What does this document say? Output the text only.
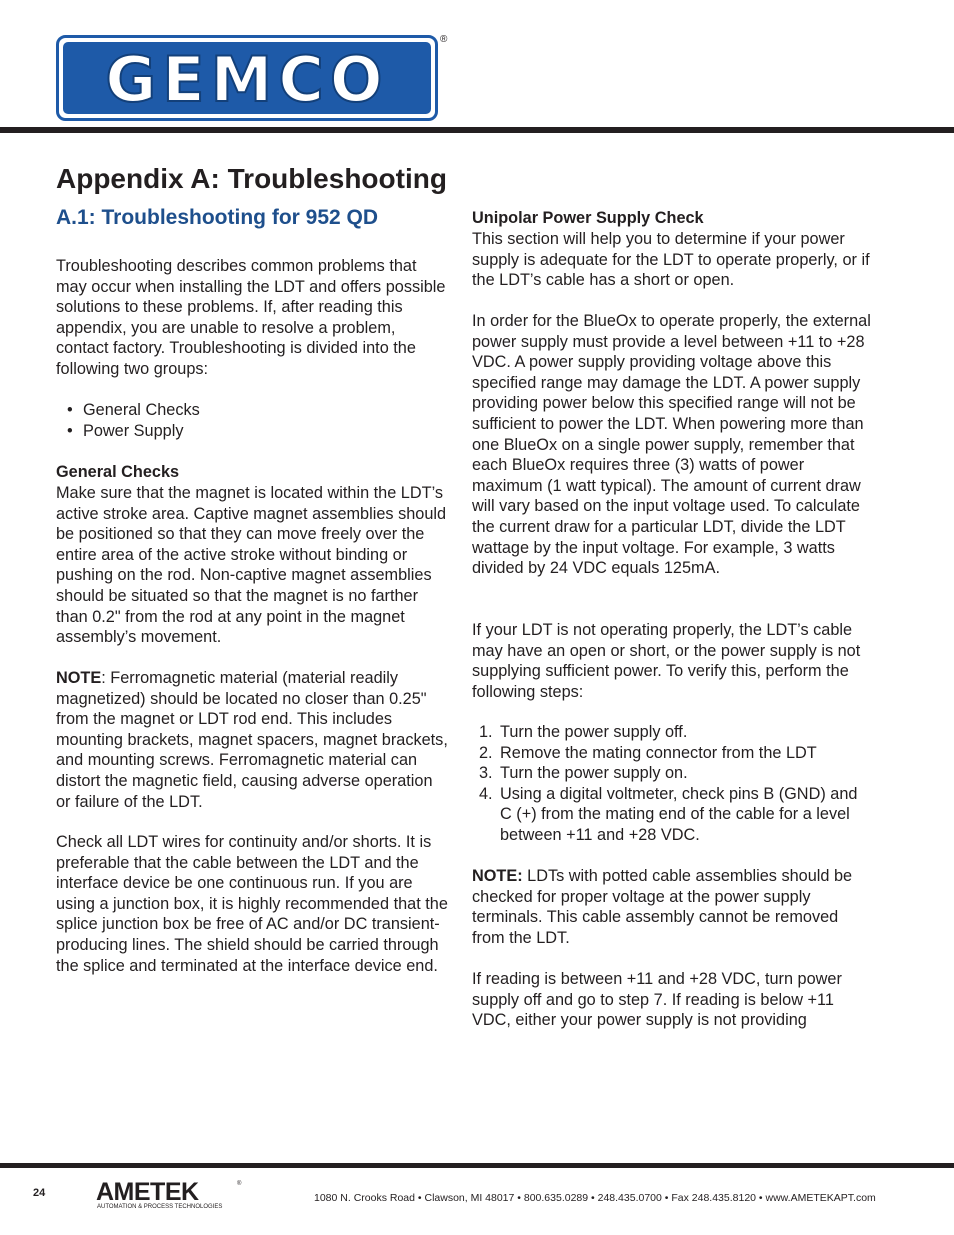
GEMCO
®
Appendix A: Troubleshooting
A.1: Troubleshooting for 952 QD

Troubleshooting describes common problems that may occur when installing the LDT and offers possible solutions to these problems. If, after reading this appendix, you are unable to resolve a problem, contact factory. Troubleshooting is divided into the following two groups:

• General Checks
• Power Supply
General Checks

Make sure that the magnet is located within the LDT’s active stroke area. Captive magnet assemblies should be positioned so that they can move freely over the entire area of the active stroke without binding or pushing on the rod. Non-captive magnet assemblies should be situated so that the magnet is no farther than 0.2" from the rod at any point in the magnet assembly’s movement.

NOTE: Ferromagnetic material (material readily magnetized) should be located no closer than 0.25" from the magnet or LDT rod end. This includes mounting brackets, magnet spacers, magnet brackets, and mounting screws. Ferromagnetic material can distort the magnetic field, causing adverse operation or failure of the LDT.

Check all LDT wires for continuity and/or shorts. It is preferable that the cable between the LDT and the interface device be one continuous run. If you are using a junction box, it is highly recommended that the splice junction box be free of AC and/or DC transient-producing lines. The shield should be carried through the splice and terminated at the interface device end.

Unipolar Power Supply Check

This section will help you to determine if your power supply is adequate for the LDT to operate properly, or if the LDT’s cable has a short or open.

In order for the BlueOx to operate properly, the external power supply must provide a level between +11 to +28 VDC. A power supply providing voltage above this specified range may damage the LDT. A power supply providing power below this specified range will not be sufficient to power the LDT. When powering more than one BlueOx on a single power supply, remember that each BlueOx requires three (3) watts of power maximum (1 watt typical). The amount of current draw will vary based on the input voltage used. To calculate the current draw for a particular LDT, divide the LDT wattage by the input voltage. For example, 3 watts divided by 24 VDC equals 125mA.

If your LDT is not operating properly, the LDT’s cable may have an open or short, or the power supply is not supplying sufficient power. To verify this, perform the following steps:

1. Turn the power supply off.
2. Remove the mating connector from the LDT
3. Turn the power supply on.
4. Using a digital voltmeter, check pins B (GND) and C (+) from the mating end of the cable for a level between +11 and +28 VDC.

NOTE: LDTs with potted cable assemblies should be checked for proper voltage at the power supply terminals. This cable assembly cannot be removed from the LDT.

If reading is between +11 and +28 VDC, turn power supply off and go to step 7. If reading is below +11 VDC, either your power supply is not providing

24 AMETEK	®
AUTOMATION & PROCESS TECHNOLOGIES
1080 N. Crooks Road • Clawson, MI 48017 • 800.635.0289 • 248.435.0700 • Fax 248.435.8120 • www.AMETEKAPT.com
